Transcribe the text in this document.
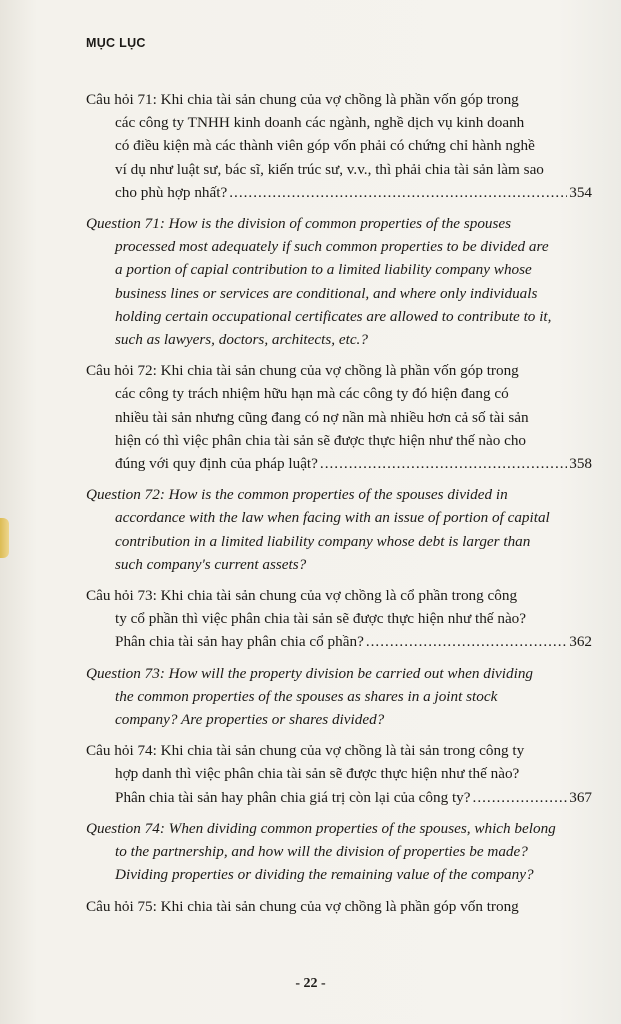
MỤC LỤC
Câu hỏi 71: Khi chia tài sản chung của vợ chồng là phần vốn góp trong
các công ty TNHH kinh doanh các ngành, nghề dịch vụ kinh doanh
có điều kiện mà các thành viên góp vốn phải có chứng chỉ hành nghề
ví dụ như luật sư, bác sĩ, kiến trúc sư, v.v., thì phải chia tài sản làm sao
cho phù hợp nhất? .....	354
Question 71: How is the division of common properties of the spouses
processed most adequately if such common properties to be divided are
a portion of capial contribution to a limited liability company whose
business lines or services are conditional, and where only individuals
holding certain occupational certificates are allowed to contribute to it,
such as lawyers, doctors, architects, etc.?
Câu hỏi 72: Khi chia tài sản chung của vợ chồng là phần vốn góp trong
các công ty trách nhiệm hữu hạn mà các công ty đó hiện đang có
nhiều tài sản nhưng cũng đang có nợ nần mà nhiều hơn cả số tài sản
hiện có thì việc phân chia tài sản sẽ được thực hiện như thế nào cho
đúng với quy định của pháp luật? .....	358
Question 72: How is the common properties of the spouses divided in
accordance with the law when facing with an issue of portion of capital
contribution in a limited liability company whose debt is larger than
such company's current assets?
Câu hỏi 73: Khi chia tài sản chung của vợ chồng là cổ phần trong công
ty cổ phần thì việc phân chia tài sản sẽ được thực hiện như thế nào?
Phân chia tài sản hay phân chia cổ phần? .....	362
Question 73: How will the property division be carried out when dividing
the common properties of the spouses as shares in a joint stock
company? Are properties or shares divided?
Câu hỏi 74: Khi chia tài sản chung của vợ chồng là tài sản trong công ty
hợp danh thì việc phân chia tài sản sẽ được thực hiện như thế nào?
Phân chia tài sản hay phân chia giá trị còn lại của công ty? .....	367
Question 74: When dividing common properties of the spouses, which belong
to the partnership, and how will the division of properties be made?
Dividing properties or dividing the remaining value of the company?
Câu hỏi 75: Khi chia tài sản chung của vợ chồng là phần góp vốn trong
- 22 -
